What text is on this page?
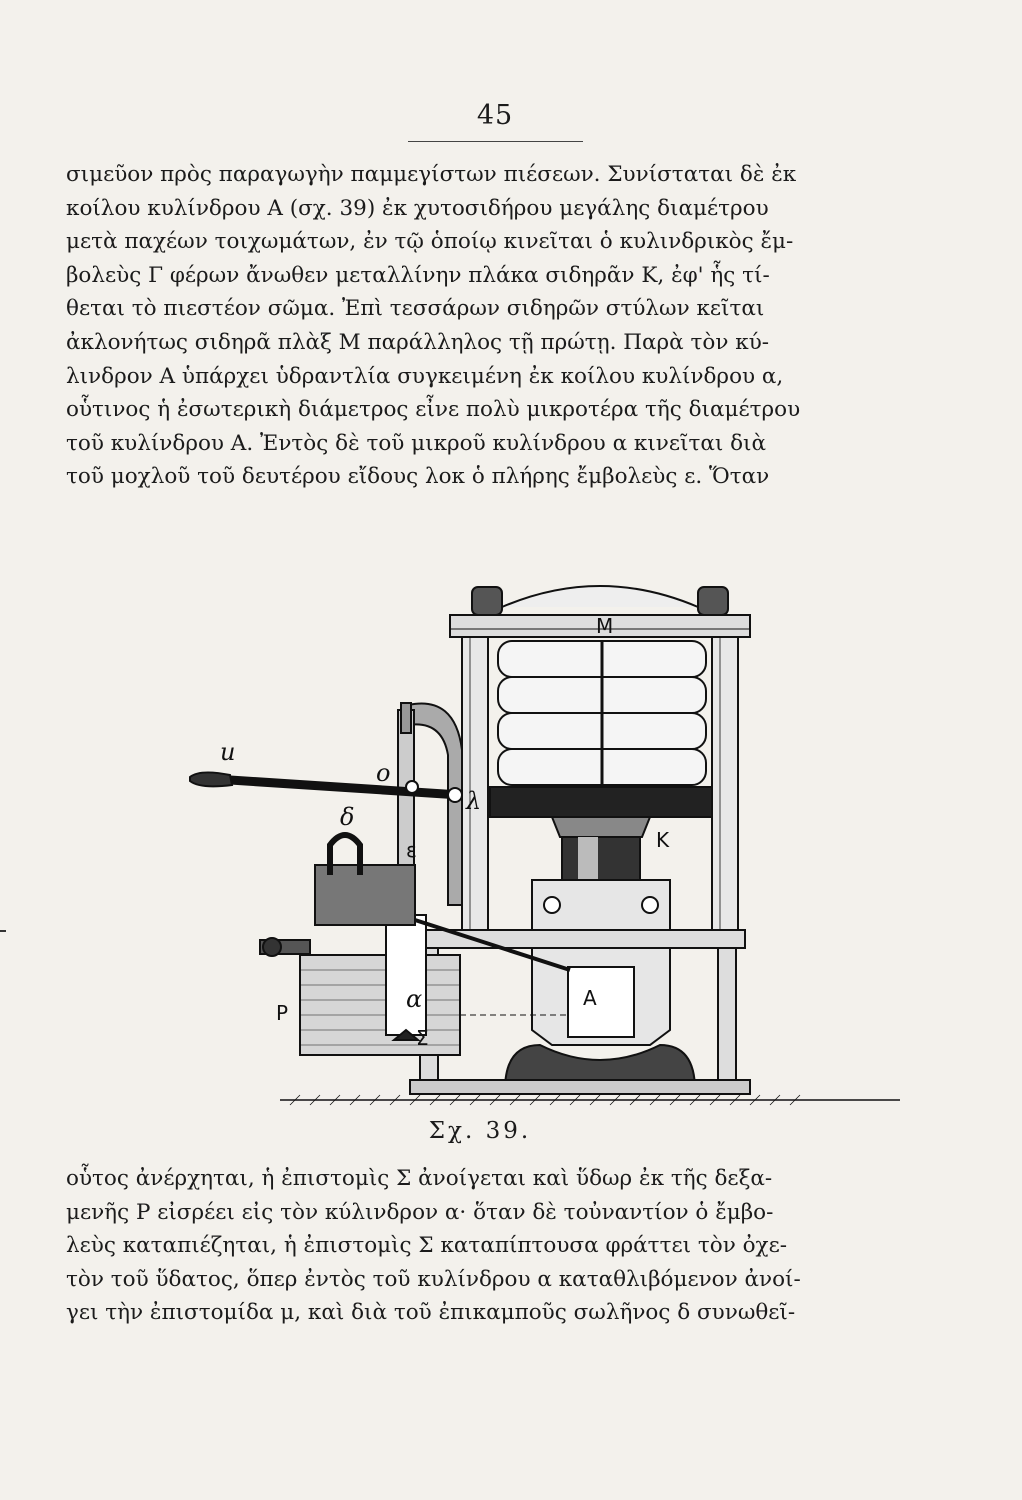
45
σιμεῦον πρὸς παραγωγὴν παμμεγίστων πιέσεων. Συνίσταται δὲ ἐκ
κοίλου κυλίνδρου Α (σχ. 39) ἐκ χυτοσιδήρου μεγάλης διαμέτρου
μετὰ παχέων τοιχωμάτων, ἐν τῷ ὁποίῳ κινεῖται ὁ κυλινδρικὸς ἔμ-
βολεὺς Γ φέρων ἄνωθεν μεταλλίνην πλάκα σιδηρᾶν Κ, ἐφ' ἧς τί-
θεται τὸ πιεστέον σῶμα. Ἐπὶ τεσσάρων σιδηρῶν στύλων κεῖται
ἀκλονήτως σιδηρᾶ πλὰξ Μ παράλληλος τῇ πρώτῃ. Παρὰ τὸν κύ-
λινδρον Α ὑπάρχει ὑδραντλία συγκειμένη ἐκ κοίλου κυλίνδρου α,
οὗτινος ἡ ἐσωτερικὴ διάμετρος εἶνε πολὺ μικροτέρα τῆς διαμέτρου
τοῦ κυλίνδρου Α. Ἐντὸς δὲ τοῦ μικροῦ κυλίνδρου α κινεῖται διὰ
τοῦ μοχλοῦ τοῦ δευτέρου εἴδους λοκ ὁ πλήρης ἔμβολεὺς ε. Ὅταν
M
u
o
λ
δ
ε	K
P	α	A
Σ
Σχ. 39.
οὗτος ἀνέρχηται, ἡ ἐπιστομὶς Σ ἀνοίγεται καὶ ὕδωρ ἐκ τῆς δεξα-
μενῆς Ρ εἰσρέει εἰς τὸν κύλινδρον α· ὅταν δὲ τοὐναντίον ὁ ἔμβο-
λεὺς καταπιέζηται, ἡ ἐπιστομὶς Σ καταπίπτουσα φράττει τὸν ὀχε-
τὸν τοῦ ὕδατος, ὅπερ ἐντὸς τοῦ κυλίνδρου α καταθλιβόμενον ἀνοί-
γει τὴν ἐπιστομίδα μ, καὶ διὰ τοῦ ἐπικαμποῦς σωλῆνος δ συνωθεῖ-
